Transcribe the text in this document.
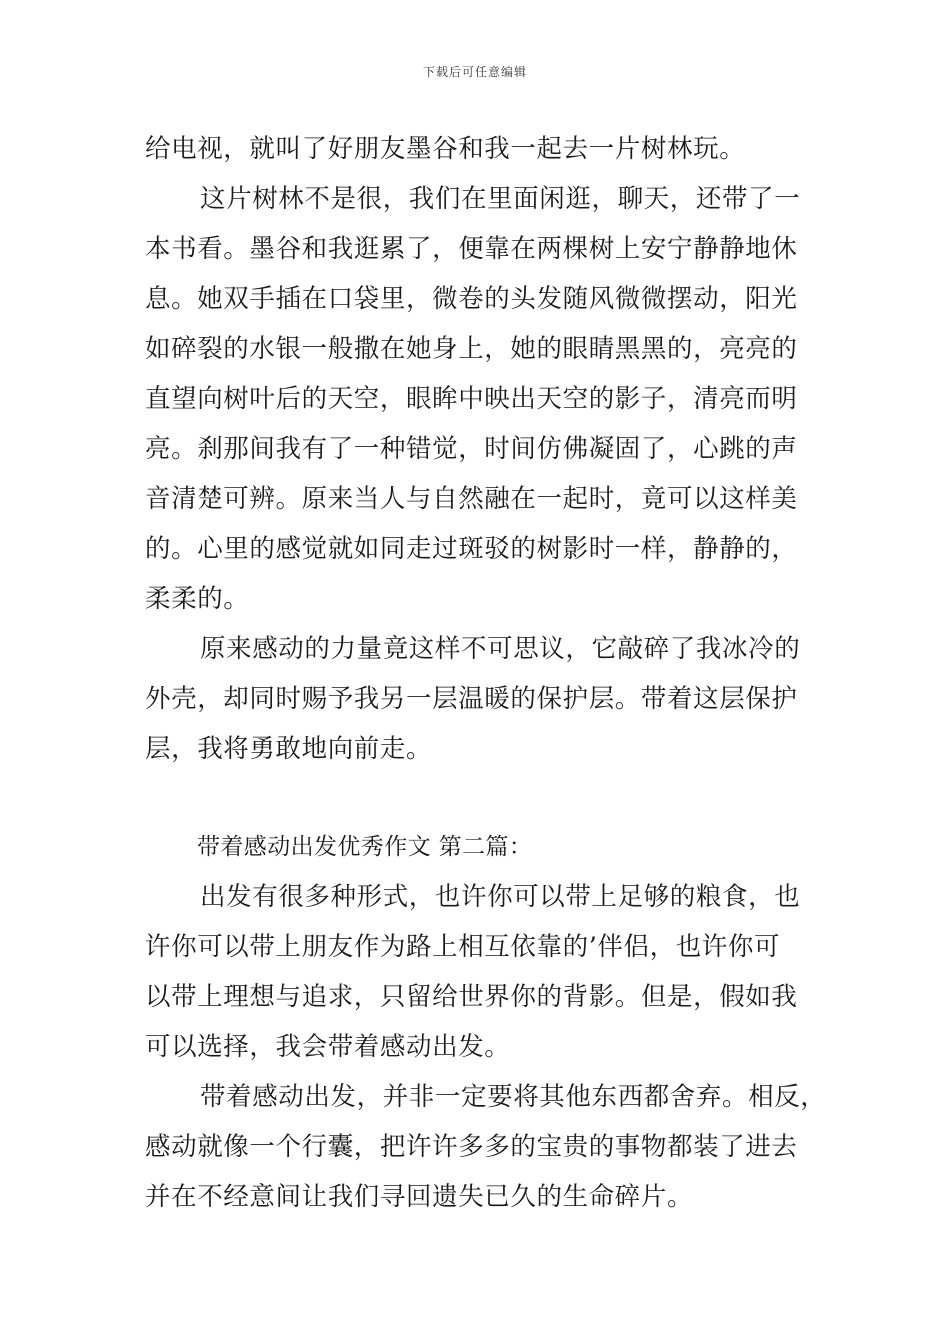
下载后可任意编辑
给电视，就叫了好朋友墨谷和我一起去一片树林玩。
这片树林不是很，我们在里面闲逛，聊天，还带了一
本书看。墨谷和我逛累了，便靠在两棵树上安宁静静地休
息。她双手插在口袋里，微卷的头发随风微微摆动，阳光
如碎裂的水银一般撒在她身上，她的眼睛黑黑的，亮亮的
直望向树叶后的天空，眼眸中映出天空的影子，清亮而明
亮。刹那间我有了一种错觉，时间仿佛凝固了，心跳的声
音清楚可辨。原来当人与自然融在一起时，竟可以这样美
的。心里的感觉就如同走过斑驳的树影时一样，静静的，
柔柔的。
原来感动的力量竟这样不可思议，它敲碎了我冰冷的
外壳，却同时赐予我另一层温暖的保护层。带着这层保护
层，我将勇敢地向前走。
带着感动出发优秀作文 第二篇：
出发有很多种形式，也许你可以带上足够的粮食，也
许你可以带上朋友作为路上相互依靠的’伴侣，也许你可
以带上理想与追求，只留给世界你的背影。但是，假如我
可以选择，我会带着感动出发。
带着感动出发，并非一定要将其他东西都舍弃。相反，
感动就像一个行囊，把许许多多的宝贵的事物都装了进去
并在不经意间让我们寻回遗失已久的生命碎片。
